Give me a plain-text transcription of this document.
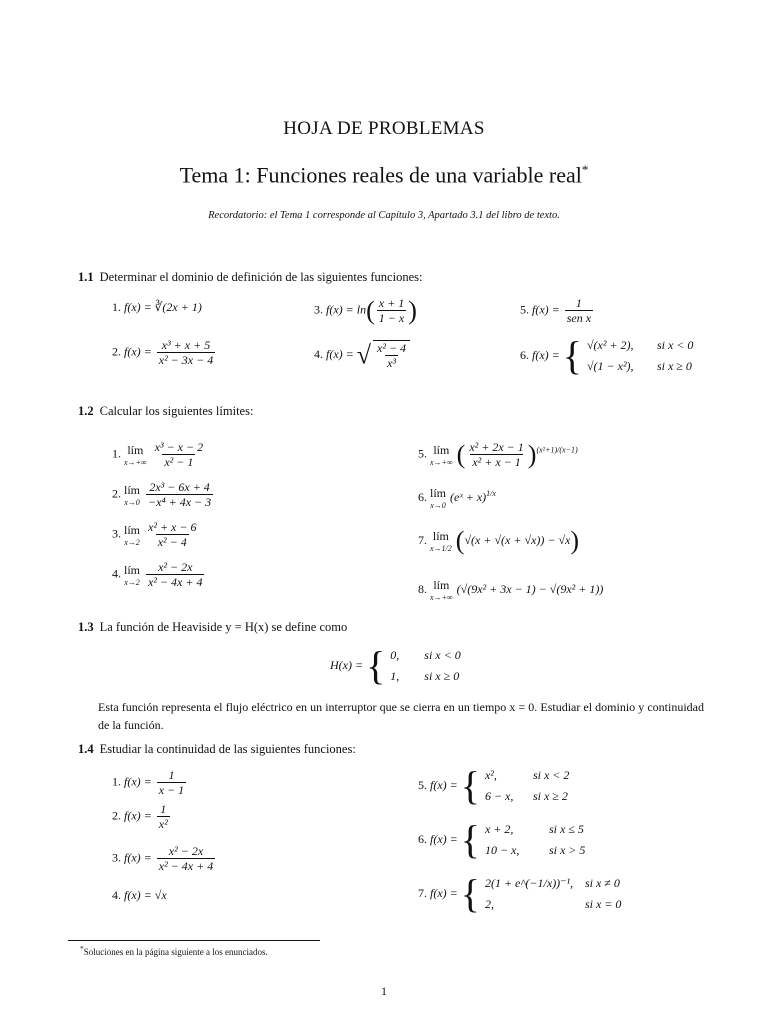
HOJA DE PROBLEMAS
Tema 1: Funciones reales de una variable real*
Recordatorio: el Tema 1 corresponde al Capítulo 3, Apartado 3.1 del libro de texto.
1.1 Determinar el dominio de definición de las siguientes funciones:
1. f(x) = ∛(2x + 1)
2. $f(x) = \frac{\text{x³ + x + 5}}{\text{x² − 3x − 4}}$
3. $f(x) = \ln( \frac{x + 1}{1 - x}$ )
4. f(x) = √ $\frac{\text{x² − 4}}{\text{x³}}$
5. $f(x) = \frac{1}{\text{sen x}}$
6. f(x) = { √(x² + 2), si x < 0
√(1 − x²), si x ≥ 0
1.2 Calcular los siguientes límites:
1. lím
$x\to+\infty \frac{\text{x³ − x − 2}}{\text{x² − 1}}$
2. lím
$x\to 0 \frac{\text{2x³ − 6x + 4}}{\text{−x⁴ + 4x − 3}}$
3. lím
$x\to 2 \frac{\text{x² + x − 6}}{\text{x² − 4}}$
4. lím
$x\to 2 \frac{\text{x² − 2x}}{\text{x² − 4x + 4}}$
5. lím
x→+∞ ( $\frac{\text{x² + 2x − 1}}{\text{x² + x − 1}} )^{(x^2+1)/(x-1)}$
6. lím
x→0
(eˣ + x)$^{1/x}$
7. lím
x→1/2 (√(x + √(x + √x)) − √x)
8. lím
x→+∞
(√(9x² + 3x − 1) − √(9x² + 1))
1.3 La función de Heaviside y = H(x) se define como
H(x) = { 0, si x < 0
1, si x ≥ 0
Esta función representa el flujo eléctrico en un interruptor que se cierra en un tiempo x = 0. Estudiar el dominio y continuidad de la función.
1.4 Estudiar la continuidad de las siguientes funciones:
1. $f(x) = \frac{1}{x - 1}$
2. $f(x) = \frac{1}{\text{x²}}$
3. $f(x) = \frac{\text{x² − 2x}}{\text{x² − 4x + 4}}$
4. f(x) = √x
5. f(x) = { x²,	si x < 2
6 − x, si x ≥ 2
6. f(x) = { x + 2,	si x ≤ 5
10 − x, si x > 5
7. f(x) = { 2(1 + e^(−1/x))⁻¹, si x ≠ 0
2,	si x = 0
*Soluciones en la página siguiente a los enunciados.
1
